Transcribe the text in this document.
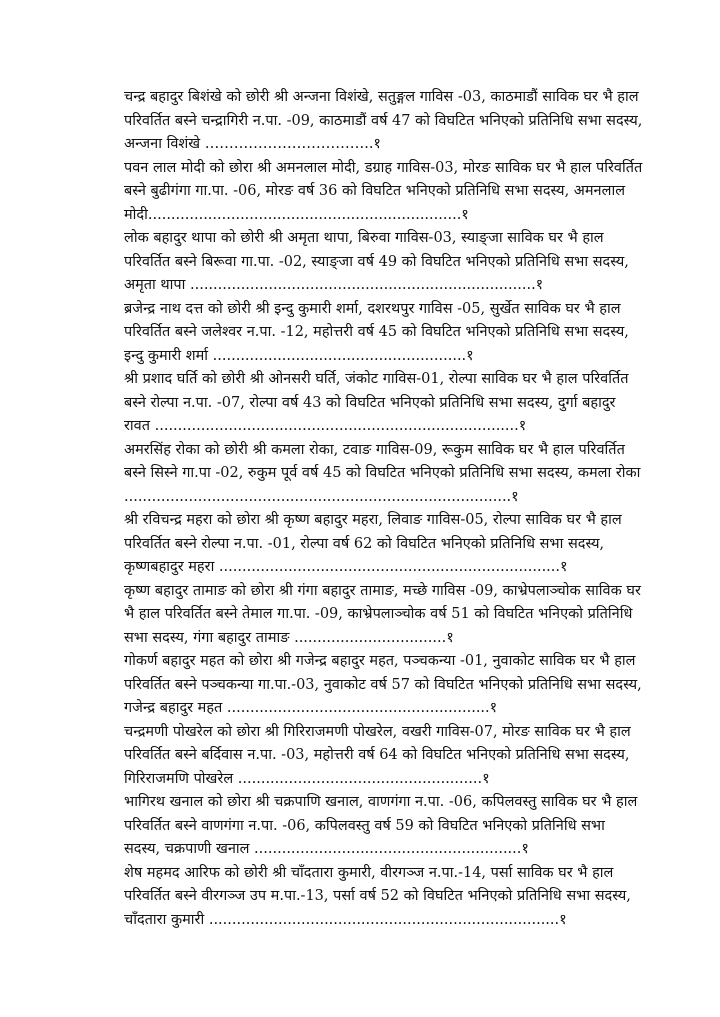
चन्द्र बहादुर बिशंखे को छोरी श्री अन्जना विशंखे, सतुङ्गल गाविस -03, काठमाडौं साविक घर भै हाल परिवर्तित बस्ने चन्द्रागिरी न.पा. -09, काठमाडौं वर्ष 47 को विघटित भनिएको प्रतिनिधि सभा सदस्य, अन्जना विशंखे ……………………………..१

पवन लाल मोदी को छोरा श्री अमनलाल मोदी, डग्राह गाविस-03, मोरङ साविक घर भै हाल परिवर्तित बस्ने बुढीगंगा गा.पा. -06, मोरङ वर्ष 36 को विघटित भनिएको प्रतिनिधि सभा सदस्य, अमनलाल मोदी....................................................................१

लोक बहादुर थापा को छोरी श्री अमृता थापा, बिरुवा गाविस-03, स्याङ्जा साविक घर भै हाल परिवर्तित बस्ने बिरूवा गा.पा. -02, स्याङ्जा वर्ष 49 को विघटित भनिएको प्रतिनिधि सभा सदस्य, अमृता थापा ...........................................................................१

ब्रजेन्द्र नाथ दत्त को छोरी श्री इन्दु कुमारी शर्मा, दशरथपुर गाविस -05, सुर्खेत साविक घर भै हाल परिवर्तित बस्ने जलेश्वर न.पा. -12, महोत्तरी वर्ष 45 को विघटित भनिएको प्रतिनिधि सभा सदस्य, इन्दु कुमारी शर्मा .......................................................१

श्री प्रशाद घर्ति को छोरी श्री ओनसरी घर्ति, जंकोट गाविस-01, रोल्पा साविक घर भै हाल परिवर्तित बस्ने रोल्पा न.पा. -07, रोल्पा वर्ष 43 को विघटित भनिएको प्रतिनिधि सभा सदस्य, दुर्गा बहादुर रावत ...............................................................................१

अमरसिंह रोका को छोरी श्री कमला रोका, टवाङ गाविस-09, रूकुम साविक घर भै हाल परिवर्तित बस्ने सिस्ने गा.पा -02, रुकुम पूर्व वर्ष 45 को विघटित भनिएको प्रतिनिधि सभा सदस्य, कमला रोका ....................................................................................१

श्री रविचन्द्र महरा को छोरा श्री कृष्ण बहादुर महरा, लिवाङ गाविस-05, रोल्पा साविक घर भै हाल परिवर्तित बस्ने रोल्पा न.पा. -01, रोल्पा वर्ष 62 को विघटित भनिएको प्रतिनिधि सभा सदस्य, कृष्णबहादुर महरा ..........................................................................१

कृष्ण बहादुर तामाङ को छोरा श्री गंगा बहादुर तामाङ, मच्छे गाविस -09, काभ्रेपलाञ्चोक साविक घर भै हाल परिवर्तित बस्ने तेमाल गा.पा. -09, काभ्रेपलाञ्चोक वर्ष 51 को विघटित भनिएको प्रतिनिधि सभा सदस्य, गंगा बहादुर तामाङ .................................१

गोकर्ण बहादुर महत को छोरा श्री गजेन्द्र बहादुर महत, पञ्चकन्या -01, नुवाकोट साविक घर भै हाल परिवर्तित बस्ने पञ्चकन्या गा.पा.-03, नुवाकोट वर्ष 57 को विघटित भनिएको प्रतिनिधि सभा सदस्य, गजेन्द्र बहादुर महत .........................................................१

चन्द्रमणी पोखरेल को छोरा श्री गिरिराजमणी पोखरेल, वखरी गाविस-07, मोरङ साविक घर भै हाल परिवर्तित बस्ने बर्दिवास न.पा. -03, महोत्तरी वर्ष 64 को विघटित भनिएको प्रतिनिधि सभा सदस्य, गिरिराजमणि पोखरेल .....................................................१

भागिरथ खनाल को छोरा श्री चक्रपाणि खनाल, वाणगंगा न.पा. -06, कपिलवस्तु साविक घर भै हाल परिवर्तित बस्ने वाणगंगा न.पा. -06, कपिलवस्तु वर्ष 59 को विघटित भनिएको प्रतिनिधि सभा सदस्य, चक्रपाणी खनाल ..........................................................१

शेष महमद आरिफ को छोरी श्री चाँदतारा कुमारी, वीरगञ्ज न.पा.-14, पर्सा साविक घर भै हाल परिवर्तित बस्ने वीरगञ्ज उप म.पा.-13, पर्सा वर्ष 52 को विघटित भनिएको प्रतिनिधि सभा सदस्य, चाँदतारा कुमारी ............................................................................१
